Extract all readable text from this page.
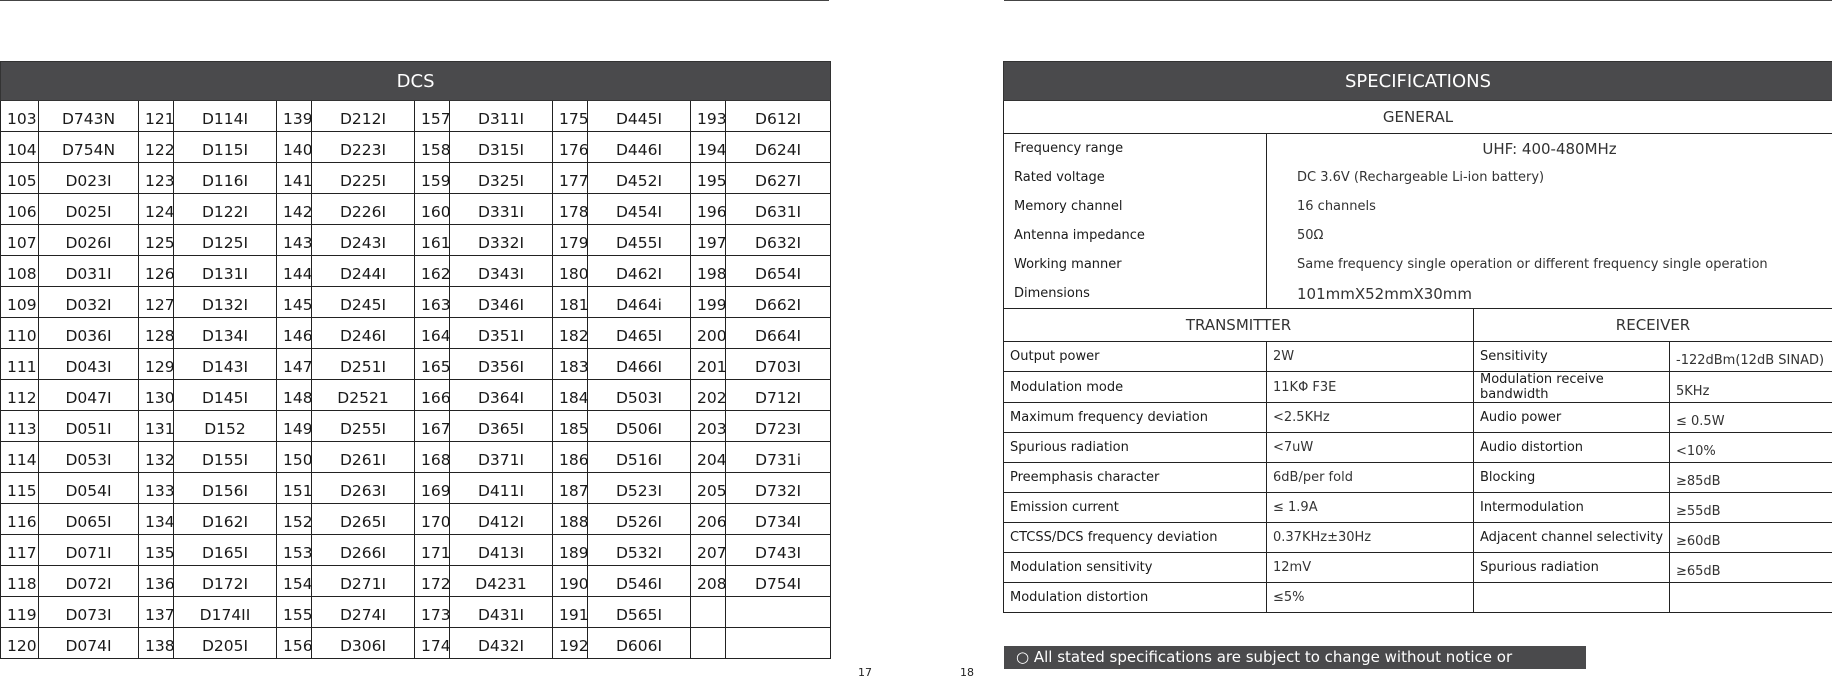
DCS											
103	D743N	121	D114I	139	D212I	157	D311I	175	D445I	193	D612I
104	D754N	122	D115I	140	D223I	158	D315I	176	D446I	194	D624I
105	D023I	123	D116I	141	D225I	159	D325I	177	D452I	195	D627I
106	D025I	124	D122I	142	D226I	160	D331I	178	D454I	196	D631I
107	D026I	125	D125I	143	D243I	161	D332I	179	D455I	197	D632I
108	D031I	126	D131I	144	D244I	162	D343I	180	D462I	198	D654I
109	D032I	127	D132I	145	D245I	163	D346I	181	D464i	199	D662I
110	D036I	128	D134I	146	D246I	164	D351I	182	D465I	200	D664I
111	D043I	129	D143I	147	D251I	165	D356I	183	D466I	201	D703I
112	D047I	130	D145I	148	D2521	166	D364I	184	D503I	202	D712I
113	D051I	131	D152	149	D255I	167	D365I	185	D506I	203	D723I
114	D053I	132	D155I	150	D261I	168	D371I	186	D516I	204	D731i
115	D054I	133	D156I	151	D263I	169	D411I	187	D523I	205	D732I
116	D065I	134	D162I	152	D265I	170	D412I	188	D526I	206	D734I
117	D071I	135	D165I	153	D266I	171	D413I	189	D532I	207	D743I
118	D072I	136	D172I	154	D271I	172	D4231	190	D546I	208	D754I
119	D073I	137	D174II	155	D274I	173	D431I	191	D565I		
120	D074I	138	D205I	156	D306I	174	D432I	192	D606I		
SPECIFICATIONS			
GENERAL			
Frequency range	UHF: 400-480MHz		
Rated voltage	DC 3.6V (Rechargeable Li-ion battery)		
Memory channel	16 channels		
Antenna impedance	50Ω		
Working manner	Same frequency single operation or different frequency single operation		
Dimensions	101mmX52mmX30mm		
TRANSMITTER		RECEIVER	
Output power	2W	Sensitivity	-122dBm(12dB SINAD)
Modulation mode	11KΦ F3E	Modulation receive bandwidth	5KHz
Maximum frequency deviation	<2.5KHz	Audio power	≤ 0.5W
Spurious radiation	<7uW	Audio distortion	<10%
Preemphasis character	6dB/per fold	Blocking	≥85dB
Emission current	≤ 1.9A	Intermodulation	≥55dB
CTCSS/DCS frequency deviation	0.37KHz±30Hz	Adjacent channel selectivity	≥60dB
Modulation sensitivity	12mV	Spurious radiation	≥65dB
Modulation distortion	≤5%		
○ All stated specifications are subject to change without notice or obligation.
17	18
